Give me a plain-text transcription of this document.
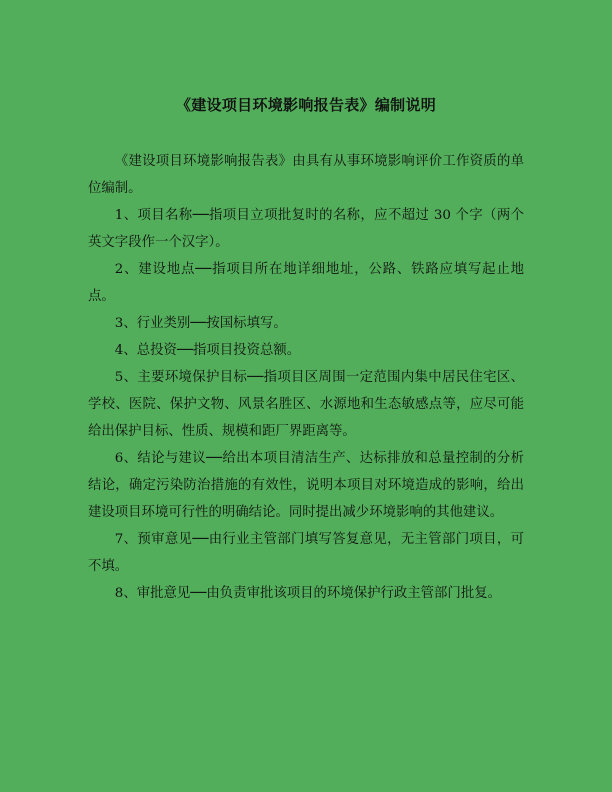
《建设项目环境影响报告表》编制说明

《建设项目环境影响报告表》由具有从事环境影响评价工作资质的单位编制。

1、项目名称──指项目立项批复时的名称，应不超过 30 个字（两个英文字段作一个汉字）。

2、建设地点──指项目所在地详细地址，公路、铁路应填写起止地点。

3、行业类别──按国标填写。

4、总投资──指项目投资总额。

5、主要环境保护目标──指项目区周围一定范围内集中居民住宅区、学校、医院、保护文物、风景名胜区、水源地和生态敏感点等，应尽可能给出保护目标、性质、规模和距厂界距离等。

6、结论与建议──给出本项目清洁生产、达标排放和总量控制的分析结论，确定污染防治措施的有效性，说明本项目对环境造成的影响，给出建设项目环境可行性的明确结论。同时提出减少环境影响的其他建议。

7、预审意见──由行业主管部门填写答复意见，无主管部门项目，可不填。

8、审批意见──由负责审批该项目的环境保护行政主管部门批复。
